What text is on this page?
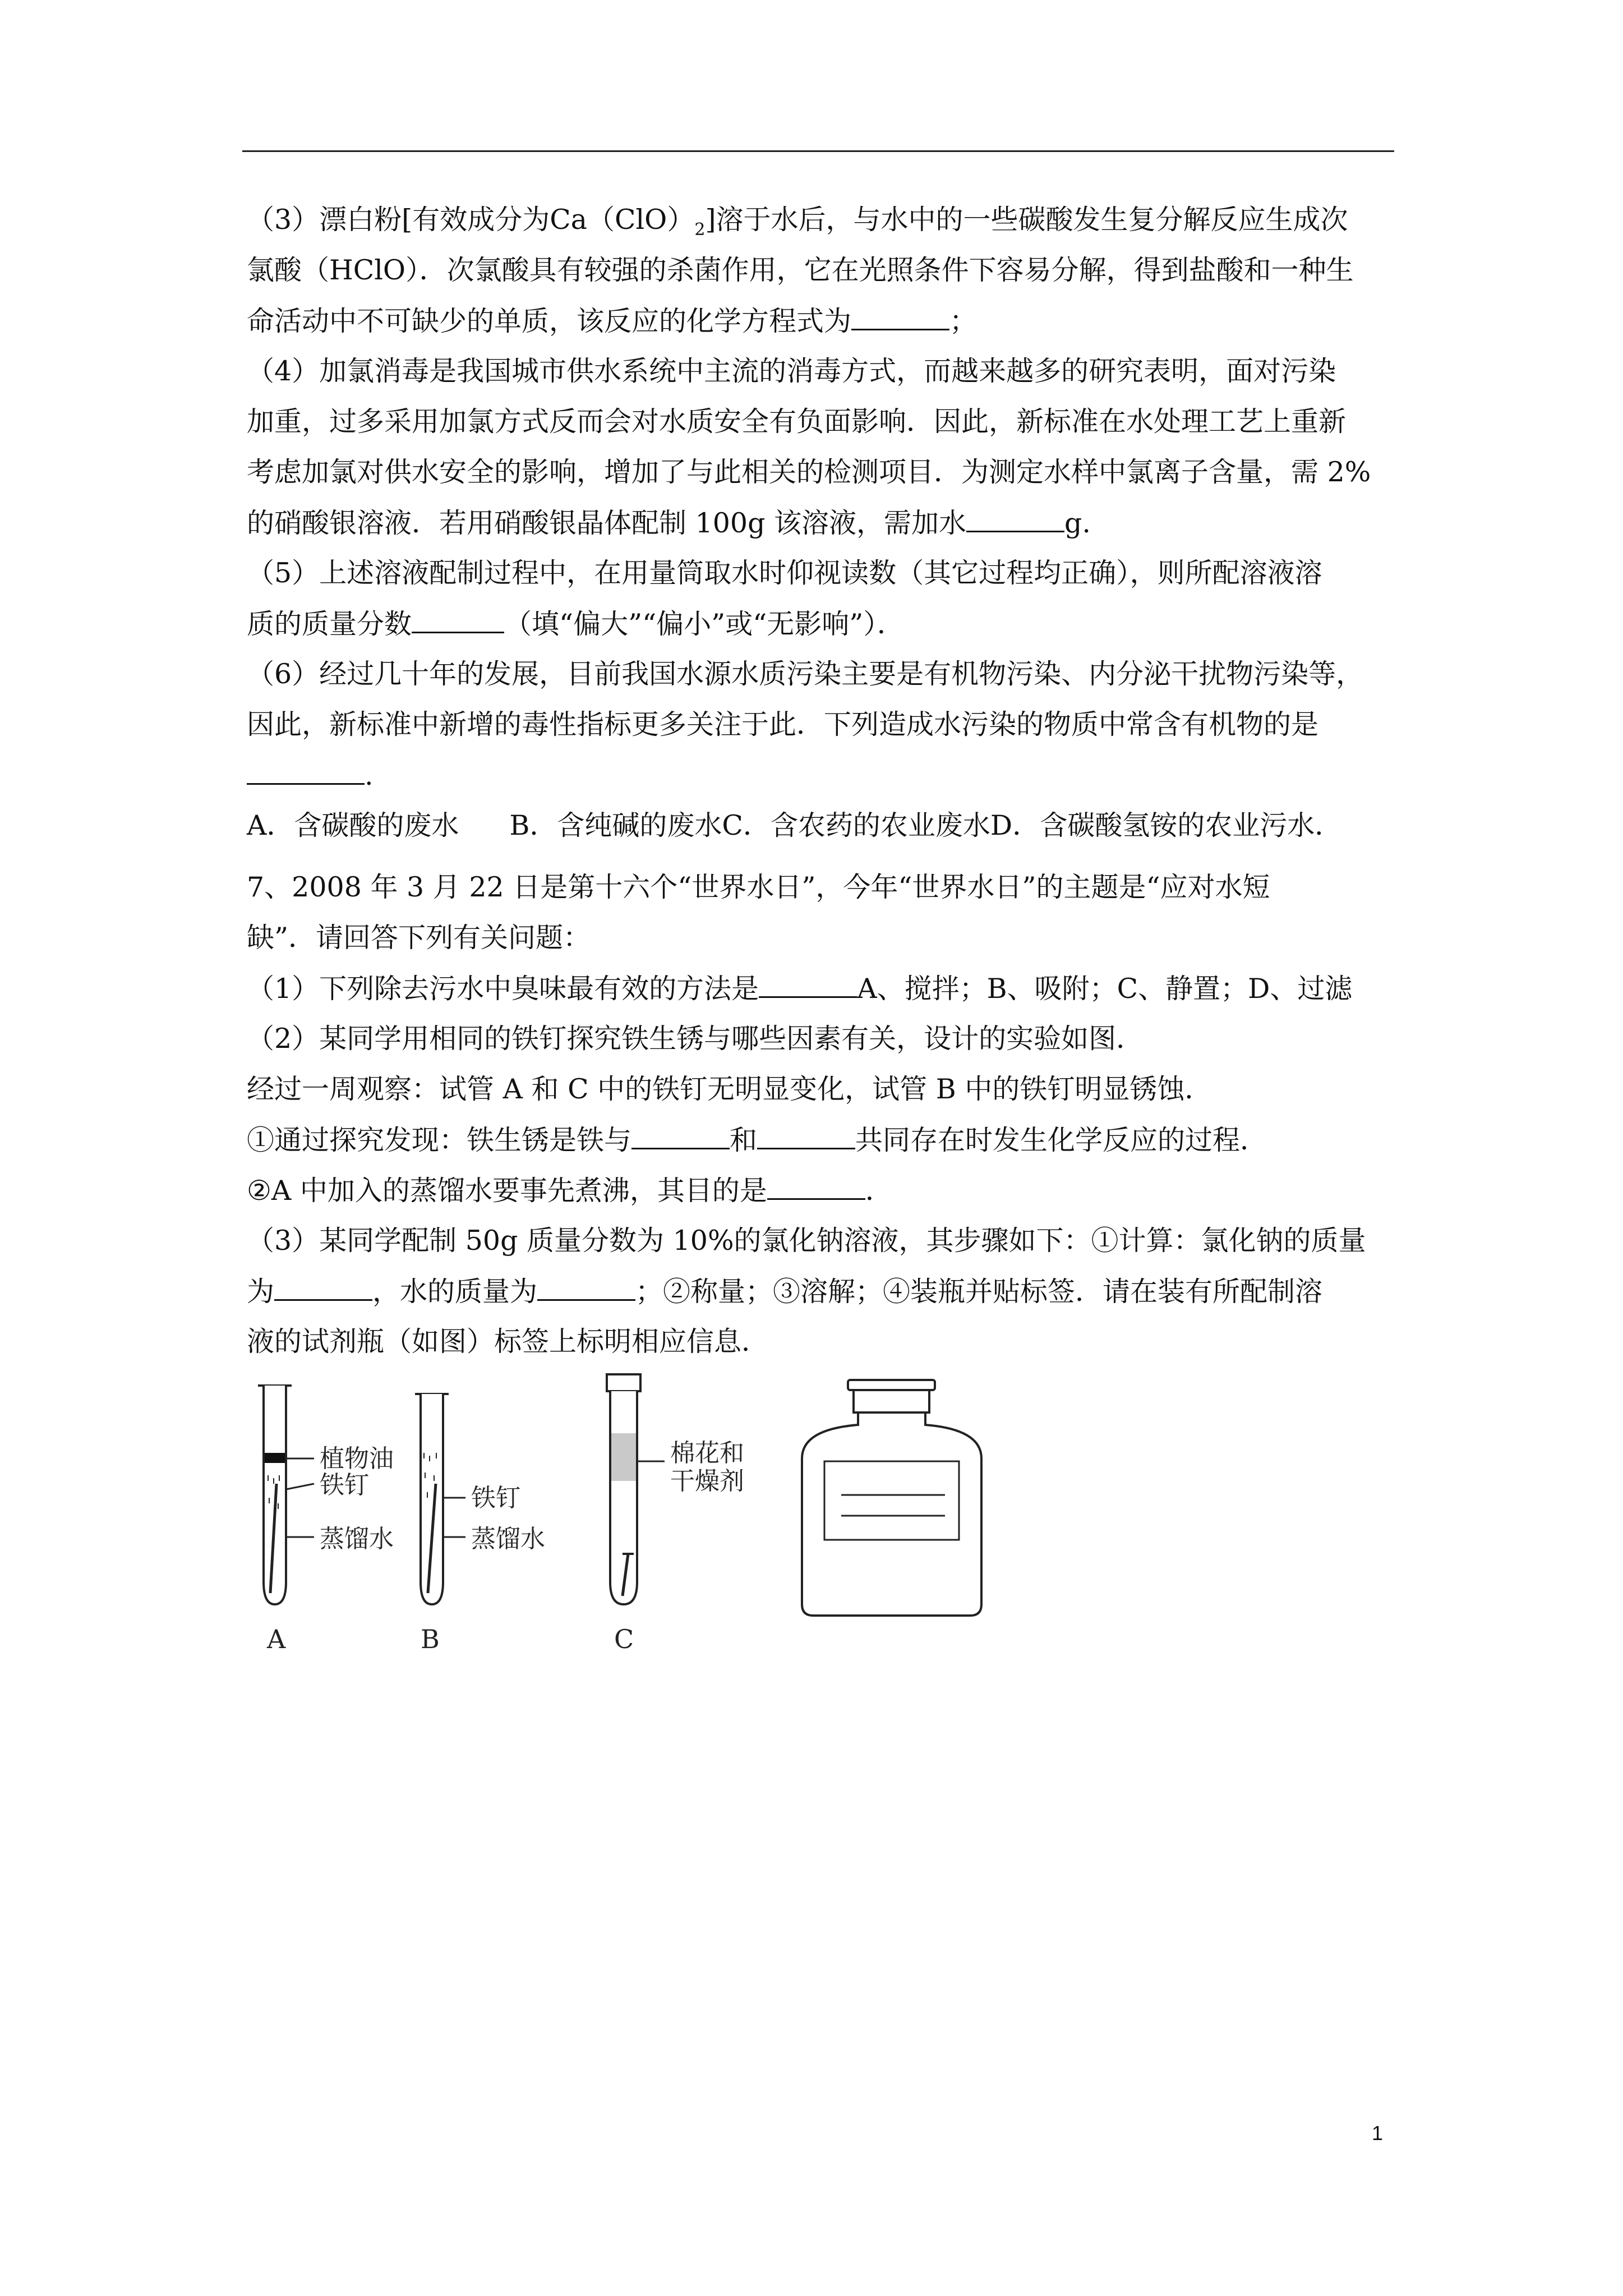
（3）漂白粉[有效成分为$Ca(ClO)_2$]溶于水后，与水中的一些碳酸发生复分解反应生成次
氯酸（HClO）．次氯酸具有较强的杀菌作用，它在光照条件下容易分解，得到盐酸和一种生
命活动中不可缺少的单质，该反应的化学方程式为	；
（4）加氯消毒是我国城市供水系统中主流的消毒方式，而越来越多的研究表明，面对污染
加重，过多采用加氯方式反而会对水质安全有负面影响．因此，新标准在水处理工艺上重新
考虑加氯对供水安全的影响，增加了与此相关的检测项目．为测定水样中氯离子含量，需 2%
的硝酸银溶液．若用硝酸银晶体配制 100g 该溶液，需加水	g.
（5）上述溶液配制过程中，在用量筒取水时仰视读数（其它过程均正确），则所配溶液溶
质的质量分数	（填“偏大”“偏小”或“无影响”）．
（6）经过几十年的发展，目前我国水源水质污染主要是有机物污染、内分泌干扰物污染等，
因此，新标准中新增的毒性指标更多关注于此．下列造成水污染的物质中常含有机物的是
.
A．含碳酸的废水 B．含纯碱的废水C．含农药的农业废水D．含碳酸氢铵的农业污水．
7、2008 年 3 月 22 日是第十六个“世界水日”，今年“世界水日”的主题是“应对水短
缺”．请回答下列有关问题：
（1）下列除去污水中臭味最有效的方法是	A、搅拌；B、吸附；C、静置；D、过滤
（2）某同学用相同的铁钉探究铁生锈与哪些因素有关，设计的实验如图．
经过一周观察：试管 A 和 C 中的铁钉无明显变化，试管 B 中的铁钉明显锈蚀．
①通过探究发现：铁生锈是铁与	和	共同存在时发生化学反应的过程．
②A 中加入的蒸馏水要事先煮沸，其目的是	．
（3）某同学配制 50g 质量分数为 10%的氯化钠溶液，其步骤如下：①计算：氯化钠的质量
为	，水的质量为	；②称量；③溶解；④装瓶并贴标签．请在装有所配制溶
液的试剂瓶（如图）标签上标明相应信息．
植物油
铁钉
蒸馏水
A
铁钉
蒸馏水
B
棉花和
干燥剂
C
1
